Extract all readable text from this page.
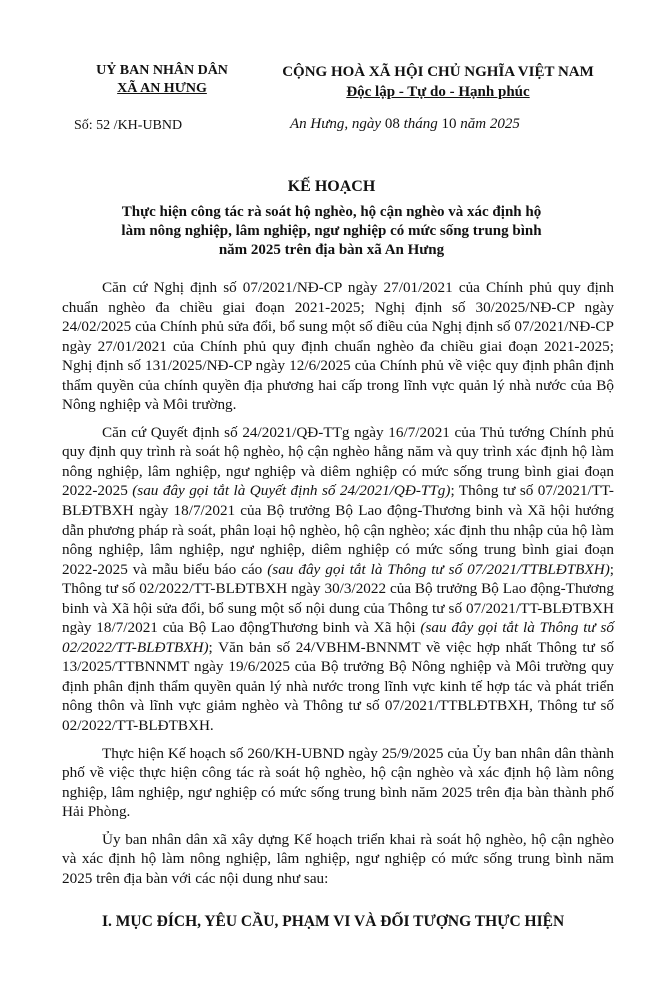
UỶ BAN NHÂN DÂN
XÃ AN HƯNG
CỘNG HOÀ XÃ HỘI CHỦ NGHĨA VIỆT NAM
Độc lập - Tự do - Hạnh phúc
Số: 52 /KH-UBND	An Hưng, ngày 08 tháng 10 năm 2025
KẾ HOẠCH
Thực hiện công tác rà soát hộ nghèo, hộ cận nghèo và xác định hộ làm nông nghiệp, lâm nghiệp, ngư nghiệp có mức sống trung bình năm 2025 trên địa bàn xã An Hưng

Căn cứ Nghị định số 07/2021/NĐ-CP ngày 27/01/2021 của Chính phủ quy định chuẩn nghèo đa chiều giai đoạn 2021-2025; Nghị định số 30/2025/NĐ-CP ngày 24/02/2025 của Chính phủ sửa đổi, bổ sung một số điều của Nghị định số 07/2021/NĐ-CP ngày 27/01/2021 của Chính phủ quy định chuẩn nghèo đa chiều giai đoạn 2021-2025; Nghị định số 131/2025/NĐ-CP ngày 12/6/2025 của Chính phủ về việc quy định phân định thẩm quyền của chính quyền địa phương hai cấp trong lĩnh vực quản lý nhà nước của Bộ Nông nghiệp và Môi trường.

Căn cứ Quyết định số 24/2021/QĐ-TTg ngày 16/7/2021 của Thủ tướng Chính phủ quy định quy trình rà soát hộ nghèo, hộ cận nghèo hằng năm và quy trình xác định hộ làm nông nghiệp, lâm nghiệp, ngư nghiệp và diêm nghiệp có mức sống trung bình giai đoạn 2022-2025 (sau đây gọi tắt là Quyết định số 24/2021/QĐ-TTg); Thông tư số 07/2021/TT-BLĐTBXH ngày 18/7/2021 của Bộ trưởng Bộ Lao động-Thương binh và Xã hội hướng dẫn phương pháp rà soát, phân loại hộ nghèo, hộ cận nghèo; xác định thu nhập của hộ làm nông nghiệp, lâm nghiệp, ngư nghiệp, diêm nghiệp có mức sống trung bình giai đoạn 2022-2025 và mẫu biểu báo cáo (sau đây gọi tắt là Thông tư số 07/2021/TTBLĐTBXH); Thông tư số 02/2022/TT-BLĐTBXH ngày 30/3/2022 của Bộ trưởng Bộ Lao động-Thương binh và Xã hội sửa đổi, bổ sung một số nội dung của Thông tư số 07/2021/TT-BLĐTBXH ngày 18/7/2021 của Bộ Lao độngThương binh và Xã hội (sau đây gọi tắt là Thông tư số 02/2022/TT-BLĐTBXH); Văn bản số 24/VBHM-BNNMT về việc hợp nhất Thông tư số 13/2025/TTBNNMT ngày 19/6/2025 của Bộ trưởng Bộ Nông nghiệp và Môi trường quy định phân định thẩm quyền quản lý nhà nước trong lĩnh vực kinh tế hợp tác và phát triển nông thôn và lĩnh vực giảm nghèo và Thông tư số 07/2021/TTBLĐTBXH, Thông tư số 02/2022/TT-BLĐTBXH.

Thực hiện Kế hoạch số 260/KH-UBND ngày 25/9/2025 của Ủy ban nhân dân thành phố về việc thực hiện công tác rà soát hộ nghèo, hộ cận nghèo và xác định hộ làm nông nghiệp, lâm nghiệp, ngư nghiệp có mức sống trung bình năm 2025 trên địa bàn thành phố Hải Phòng.

Ủy ban nhân dân xã xây dựng Kế hoạch triển khai rà soát hộ nghèo, hộ cận nghèo và xác định hộ làm nông nghiệp, lâm nghiệp, ngư nghiệp có mức sống trung bình năm 2025 trên địa bàn với các nội dung như sau:

I. MỤC ĐÍCH, YÊU CẦU, PHẠM VI VÀ ĐỐI TƯỢNG THỰC HIỆN
